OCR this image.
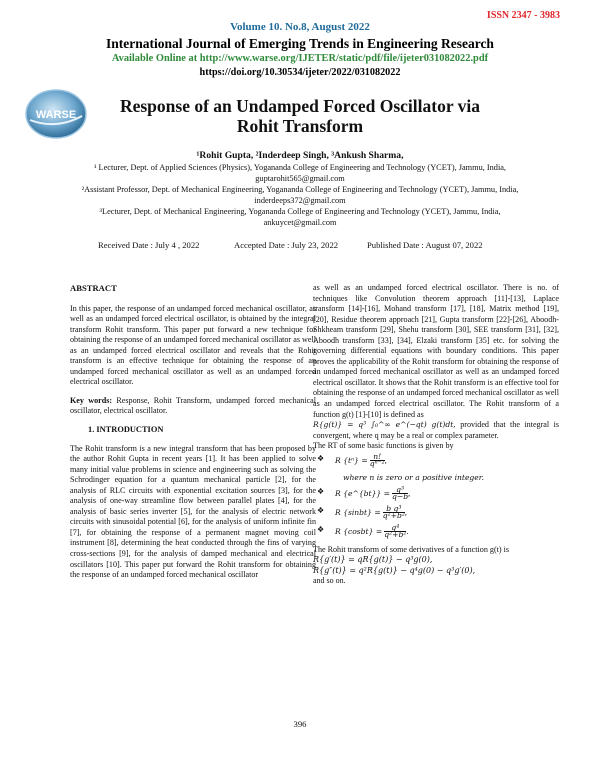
ISSN 2347 - 3983
Volume 10. No.8, August 2022
International Journal of Emerging Trends in Engineering Research
Available Online at http://www.warse.org/IJETER/static/pdf/file/ijeter031082022.pdf
https://doi.org/10.30534/ijeter/2022/031082022
WARSE	Response of an Undamped Forced Oscillator via
Rohit Transform
¹Rohit Gupta, ²Inderdeep Singh, ³Ankush Sharma,
¹ Lecturer, Dept. of Applied Sciences (Physics), Yogananda College of Engineering and Technology (YCET), Jammu, India, guptarohit565@gmail.com
²Assistant Professor, Dept. of Mechanical Engineering, Yogananda College of Engineering and Technology (YCET), Jammu, India, inderdeeps372@gmail.com
³Lecturer, Dept. of Mechanical Engineering, Yogananda College of Engineering and Technology (YCET), Jammu, India, ankuycet@gmail.com
Received Date : July 4 , 2022	Accepted Date : July 23, 2022	Published Date : August 07, 2022
ABSTRACT

In this paper, the response of an undamped forced mechanical oscillator, as well as an undamped forced electrical oscillator, is obtained by the integral transform Rohit transform. This paper put forward a new technique for obtaining the response of an undamped forced mechanical oscillator as well as an undamped forced electrical oscillator and reveals that the Rohit transform is an effective technique for obtaining the response of an undamped forced mechanical oscillator as well as an undamped forced electrical oscillator.

Key words: Response, Rohit Transform, undamped forced mechanical oscillator, electrical oscillator.

1. INTRODUCTION

The Rohit transform is a new integral transform that has been proposed by the author Rohit Gupta in recent years [1]. It has been applied to solve many initial value problems in science and engineering such as solving the Schrodinger equation for a quantum mechanical particle [2], for the analysis of RLC circuits with exponential excitation sources [3], for the analysis of one-way streamline flow between parallel plates [4], for the analysis of basic series inverter [5], for the analysis of electric network circuits with sinusoidal potential [6], for the analysis of uniform infinite fin [7], for obtaining the response of a permanent magnet moving coil instrument [8], determining the heat conducted through the fins of varying cross-sections [9], for the analysis of damped mechanical and electrical oscillators [10]. This paper put forward the Rohit transform for obtaining the response of an undamped forced mechanical oscillator

as well as an undamped forced electrical oscillator. There is no. of techniques like Convolution theorem approach [11]-[13], Laplace transform [14]-[16], Mohand transform [17], [18], Matrix method [19], [20], Residue theorem approach [21], Gupta transform [22]-[26], Aboodh-Shkheam transform [29], Shehu transform [30], SEE transform [31], [32], Aboodh transform [33], [34], Elzaki transform [35] etc. for solving the governing differential equations with boundary conditions. This paper proves the applicability of the Rohit transform for obtaining the response of an undamped forced mechanical oscillator as well as an undamped forced electrical oscillator. It shows that the Rohit transform is an effective tool for obtaining the response of an undamped forced mechanical oscillator as well as an undamped forced electrical oscillator. The Rohit transform of a function g(t) [1]-[10] is defined as

R{g(t)} = q³ ∫₀^∞ e^(−qt) g(t)dt, provided that the integral is convergent, where q may be a real or complex parameter.

The RT of some basic functions is given by

❖ R $\{t^n\} = \frac{n!}{\text{qⁿ⁻²}}$ ,
where n is zero or a positive integer.
❖ R {e^{bt}} = $\frac{\text{q³}}{q-b}$ ,
❖ R {sinbt} = $\frac{\text{b q³}}{\text{q²+b²}}$ ,
❖ R {cosbt} = $\frac{\text{q⁴}}{\text{q²+b²}}$ .

The Rohit transform of some derivatives of a function g(t) is

R{g′(t)} = qR{g(t)} − q³g(0),
R{g″(t)} = q²R{g(t)} − q⁴g(0) − q³g′(0),
and so on.
396
